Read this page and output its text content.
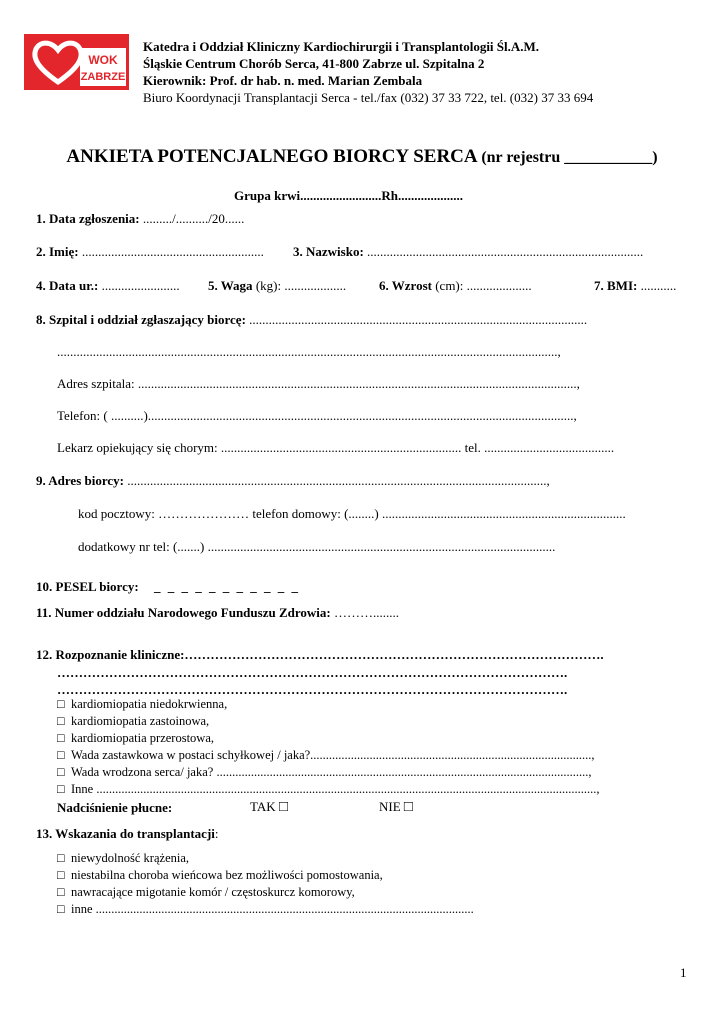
WOK
ZABRZE
Katedra i Oddział Kliniczny Kardiochirurgii i Transplantologii Śl.A.M.
Śląskie Centrum Chorób Serca, 41-800 Zabrze ul. Szpitalna 2
Kierownik: Prof. dr hab. n. med. Marian Zembala
Biuro Koordynacji Transplantacji Serca - tel./fax (032) 37 33 722, tel. (032) 37 33 694
ANKIETA POTENCJALNEGO BIORCY SERCA (nr rejestru ___________)
Grupa krwi.........................Rh....................
1. Data zgłoszenia: ........./........../20......
2. Imię: ........................................................ 3. Nazwisko: .....................................................................................
4. Data ur.: ........................ 5. Waga (kg): ...................	6. Wzrost (cm): ....................	7. BMI: ...........
8. Szpital i oddział zgłaszający biorcę: ........................................................................................................
..........................................................................................................................................................,
Adres szpitala: .......................................................................................................................................,
Telefon: ( ..........)...................................................................................................................................,
Lekarz opiekujący się chorym: .......................................................................... tel. ........................................
9. Adres biorcy: .................................................................................................................................,
kod pocztowy: ………………… telefon domowy: (........) ...........................................................................
dodatkowy nr tel: (.......) ...........................................................................................................
10. PESEL biorcy: _ _ _ _ _ _ _ _ _ _ _
11. Numer oddziału Narodowego Funduszu Zdrowia: ………........
12. Rozpoznanie kliniczne:…………………………………………………………………………………….
……………………………………………………………………………………………………….
……………………………………………………………………………………………………….
□ kardiomiopatia niedokrwienna,
□ kardiomiopatia zastoinowa,
□ kardiomiopatia przerostowa,
□ Wada zastawkowa w postaci schyłkowej / jaka?..........................................................................................,
□ Wada wrodzona serca/ jaka? .......................................................................................................................,
□ Inne ................................................................................................................................................................,
Nadciśnienie płucne:	TAK □	NIE □
13. Wskazania do transplantacji:
□ niewydolność krążenia,
□ niestabilna choroba wieńcowa bez możliwości pomostowania,
□ nawracające migotanie komór / częstoskurcz komorowy,
□ inne .........................................................................................................................
1
